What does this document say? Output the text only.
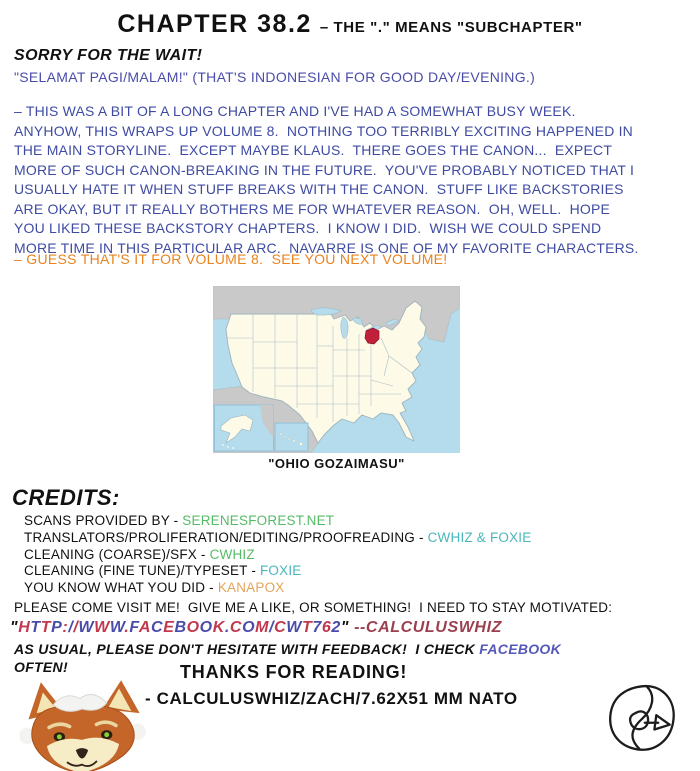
CHAPTER 38.2 – THE "." MEANS "SUBCHAPTER"
SORRY FOR THE WAIT!
"SELAMAT PAGI/MALAM!" (THAT'S INDONESIAN FOR GOOD DAY/EVENING.)
– THIS WAS A BIT OF A LONG CHAPTER AND I'VE HAD A SOMEWHAT BUSY WEEK.
ANYHOW, THIS WRAPS UP VOLUME 8.  NOTHING TOO TERRIBLY EXCITING HAPPENED IN
THE MAIN STORYLINE.  EXCEPT MAYBE KLAUS.  THERE GOES THE CANON...  EXPECT
MORE OF SUCH CANON-BREAKING IN THE FUTURE.  YOU'VE PROBABLY NOTICED THAT I
USUALLY HATE IT WHEN STUFF BREAKS WITH THE CANON.  STUFF LIKE BACKSTORIES
ARE OKAY, BUT IT REALLY BOTHERS ME FOR WHATEVER REASON.  OH, WELL.  HOPE
YOU LIKED THESE BACKSTORY CHAPTERS.  I KNOW I DID.  WISH WE COULD SPEND
MORE TIME IN THIS PARTICULAR ARC.  NAVARRE IS ONE OF MY FAVORITE CHARACTERS.
– GUESS THAT'S IT FOR VOLUME 8.  SEE YOU NEXT VOLUME!
"OHIO GOZAIMASU"
CREDITS:
SCANS PROVIDED BY - SERENESFOREST.NET
TRANSLATORS/PROLIFERATION/EDITING/PROOFREADING - CWHIZ & FOXIE
CLEANING (COARSE)/SFX - CWHIZ
CLEANING (FINE TUNE)/TYPESET - FOXIE
YOU KNOW WHAT YOU DID - KANAPOX
PLEASE COME VISIT ME!  GIVE ME A LIKE, OR SOMETHING!  I NEED TO STAY MOTIVATED:
"HTTP://WWW.FACEBOOK.COM/CWT762" --CALCULUSWHIZ
AS USUAL, PLEASE DON'T HESITATE WITH FEEDBACK!  I CHECK FACEBOOK
OFTEN!	THANKS FOR READING!
- CALCULUSWHIZ/ZACH/7.62X51 MM NATO
